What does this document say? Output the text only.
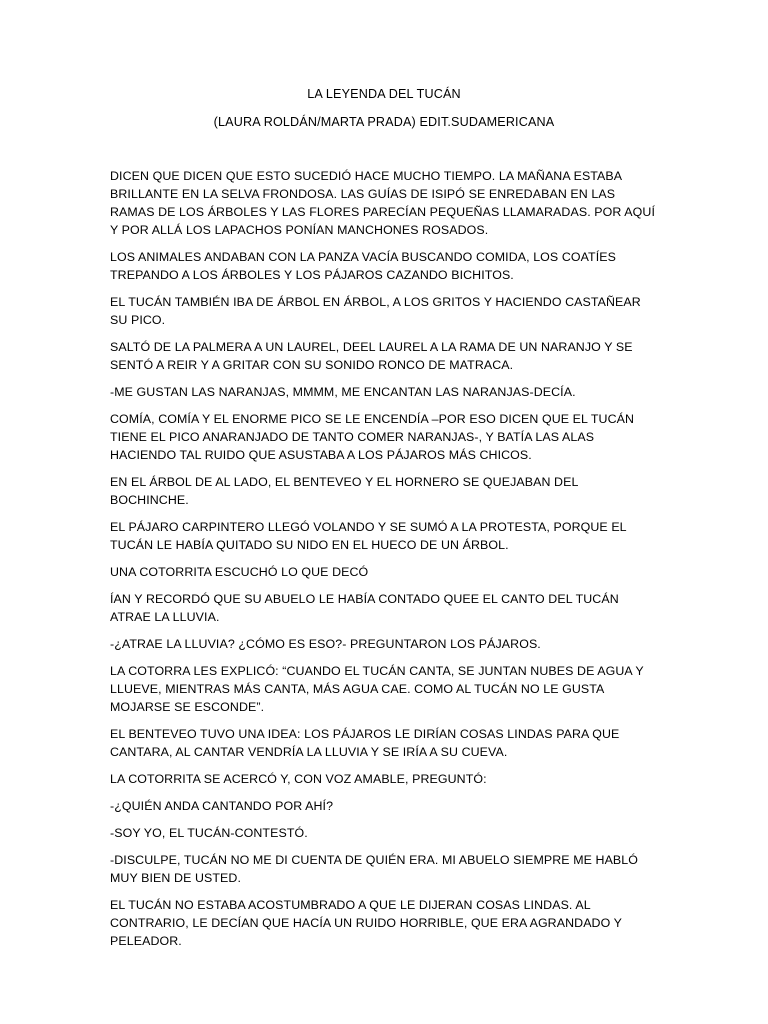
LA LEYENDA DEL TUCÁN
(LAURA ROLDÁN/MARTA PRADA) EDIT.SUDAMERICANA

DICEN QUE DICEN QUE ESTO SUCEDIÓ HACE MUCHO TIEMPO. LA MAÑANA ESTABA BRILLANTE EN LA SELVA FRONDOSA. LAS GUÍAS DE ISIPÓ SE ENREDABAN EN LAS RAMAS DE LOS ÁRBOLES Y LAS FLORES PARECÍAN PEQUEÑAS LLAMARADAS. POR AQUÍ Y POR ALLÁ LOS LAPACHOS PONÍAN MANCHONES ROSADOS.

LOS ANIMALES ANDABAN CON LA PANZA VACÍA BUSCANDO COMIDA, LOS COATÍES TREPANDO A LOS ÁRBOLES Y LOS PÁJAROS CAZANDO BICHITOS.

EL TUCÁN TAMBIÉN IBA DE ÁRBOL EN ÁRBOL, A LOS GRITOS Y HACIENDO CASTAÑEAR SU PICO.

SALTÓ DE LA PALMERA A UN LAUREL, DEEL LAUREL A LA RAMA DE UN NARANJO Y SE SENTÓ A REIR Y A GRITAR CON SU SONIDO RONCO DE MATRACA.

-ME GUSTAN LAS NARANJAS, MMMM, ME ENCANTAN LAS NARANJAS-DECÍA.

COMÍA, COMÍA Y EL ENORME PICO SE LE ENCENDÍA –POR ESO DICEN QUE EL TUCÁN TIENE EL PICO ANARANJADO DE TANTO COMER NARANJAS-, Y BATÍA LAS ALAS HACIENDO TAL RUIDO QUE ASUSTABA A LOS PÁJAROS MÁS CHICOS.

EN EL ÁRBOL DE AL LADO, EL BENTEVEO Y EL HORNERO SE QUEJABAN DEL BOCHINCHE.

EL PÁJARO CARPINTERO LLEGÓ VOLANDO Y SE SUMÓ A LA PROTESTA, PORQUE EL TUCÁN LE HABÍA QUITADO SU NIDO EN EL HUECO DE UN ÁRBOL.

UNA COTORRITA ESCUCHÓ LO QUE DECÓ

ÍAN Y RECORDÓ QUE SU ABUELO LE HABÍA CONTADO QUEE EL CANTO DEL TUCÁN ATRAE LA LLUVIA.

-¿ATRAE LA LLUVIA? ¿CÓMO ES ESO?- PREGUNTARON LOS PÁJAROS.

LA COTORRA LES EXPLICÓ: “CUANDO EL TUCÁN CANTA, SE JUNTAN NUBES DE AGUA Y LLUEVE, MIENTRAS MÁS CANTA, MÁS AGUA CAE. COMO AL TUCÁN NO LE GUSTA MOJARSE SE ESCONDE”.

EL BENTEVEO TUVO UNA IDEA: LOS PÁJAROS LE DIRÍAN COSAS LINDAS PARA QUE CANTARA, AL CANTAR VENDRÍA LA LLUVIA Y SE IRÍA A SU CUEVA.

LA COTORRITA SE ACERCÓ Y, CON VOZ AMABLE, PREGUNTÓ:

-¿QUIÉN ANDA CANTANDO POR AHÍ?

-SOY YO, EL TUCÁN-CONTESTÓ.

-DISCULPE, TUCÁN NO ME DI CUENTA DE QUIÉN ERA. MI ABUELO SIEMPRE ME HABLÓ MUY BIEN DE USTED.

EL TUCÁN NO ESTABA ACOSTUMBRADO A QUE LE DIJERAN COSAS LINDAS. AL CONTRARIO, LE DECÍAN QUE HACÍA UN RUIDO HORRIBLE, QUE ERA AGRANDADO Y PELEADOR.
